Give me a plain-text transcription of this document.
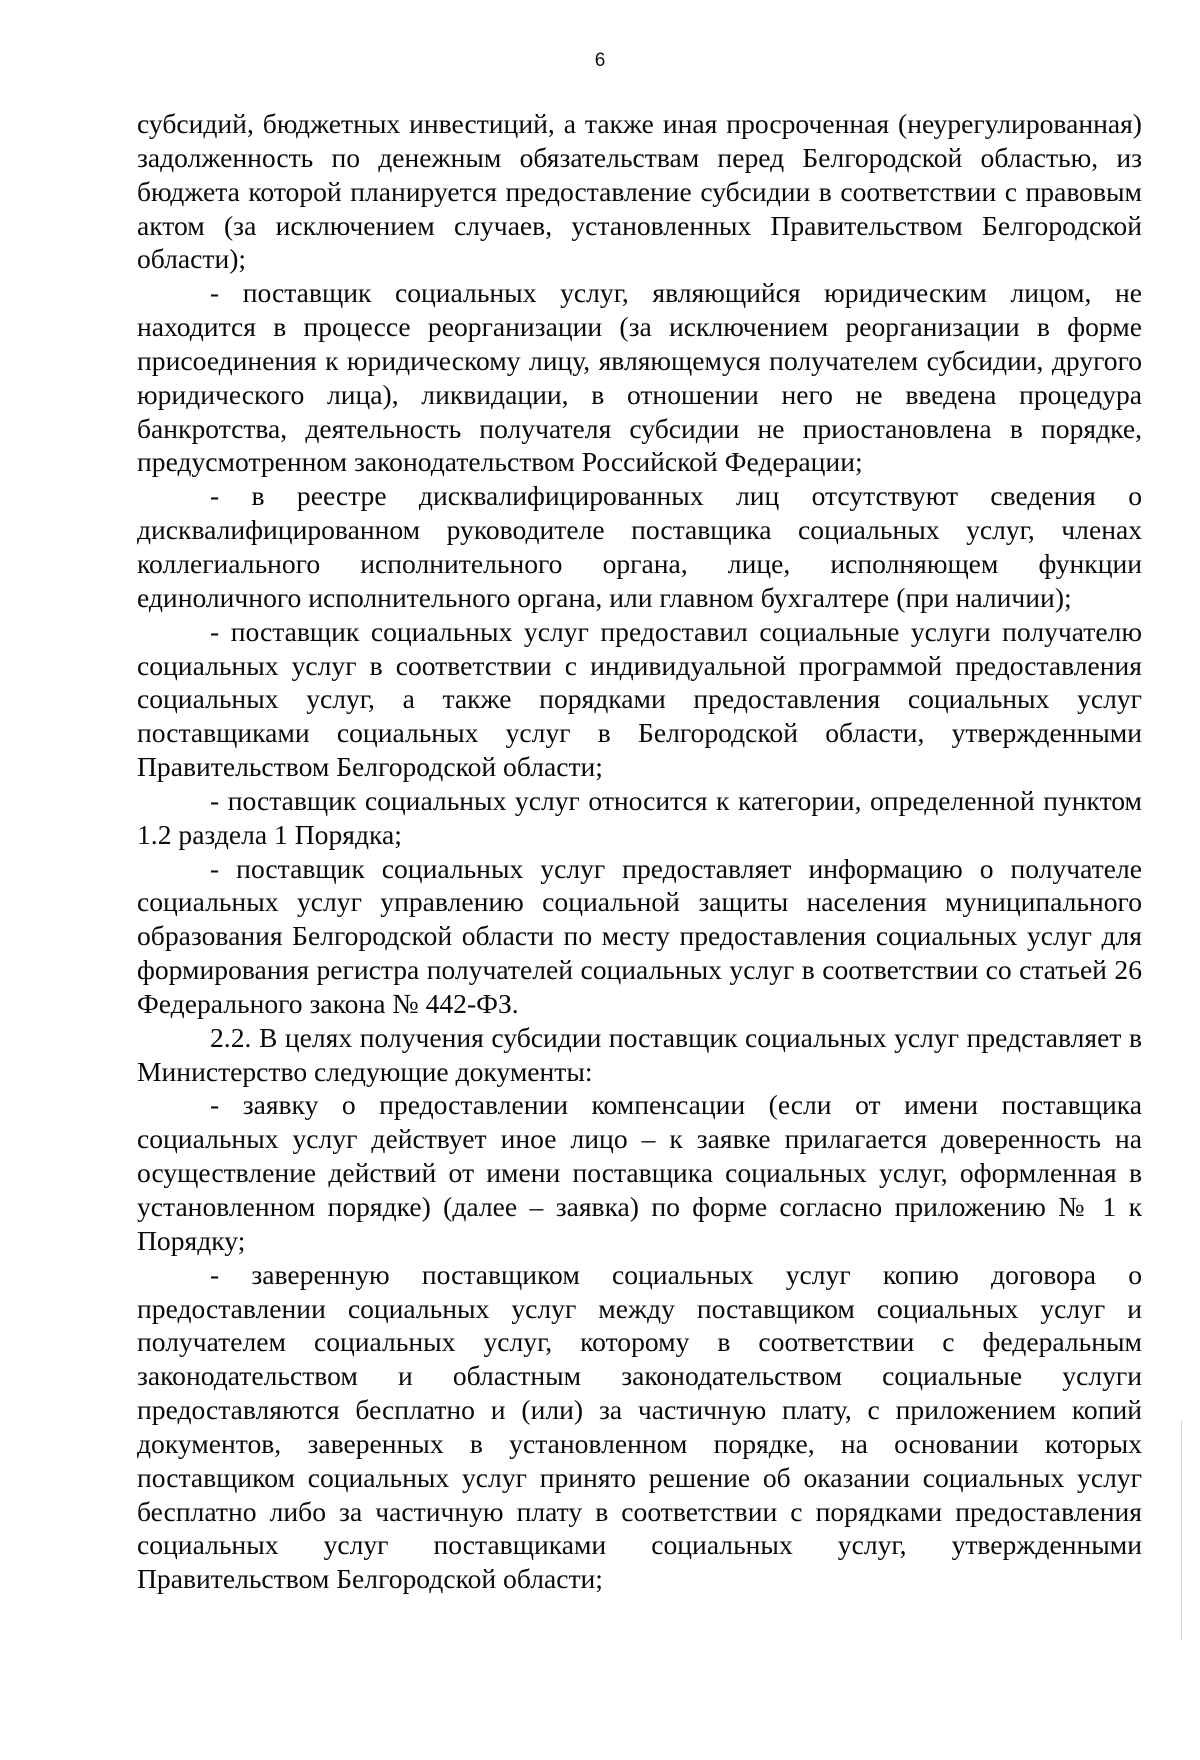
6

субсидий, бюджетных инвестиций, а также иная просроченная (неурегулированная) задолженность по денежным обязательствам перед Белгородской областью, из бюджета которой планируется предоставление субсидии в соответствии с правовым актом (за исключением случаев, установленных Правительством Белгородской области);

- поставщик социальных услуг, являющийся юридическим лицом, не находится в процессе реорганизации (за исключением реорганизации в форме присоединения к юридическому лицу, являющемуся получателем субсидии, другого юридического лица), ликвидации, в отношении него не введена процедура банкротства, деятельность получателя субсидии не приостановлена в порядке, предусмотренном законодательством Российской Федерации;

- в реестре дисквалифицированных лиц отсутствуют сведения о дисквалифицированном руководителе поставщика социальных услуг, членах коллегиального исполнительного органа, лице, исполняющем функции единоличного исполнительного органа, или главном бухгалтере (при наличии);

- поставщик социальных услуг предоставил социальные услуги получателю социальных услуг в соответствии с индивидуальной программой предоставления социальных услуг, а также порядками предоставления социальных услуг поставщиками социальных услуг в Белгородской области, утвержденными Правительством Белгородской области;

- поставщик социальных услуг относится к категории, определенной пунктом 1.2 раздела 1 Порядка;

- поставщик социальных услуг предоставляет информацию о получателе социальных услуг управлению социальной защиты населения муниципального образования Белгородской области по месту предоставления социальных услуг для формирования регистра получателей социальных услуг в соответствии со статьей 26 Федерального закона № 442-ФЗ.

2.2. В целях получения субсидии поставщик социальных услуг представляет в Министерство следующие документы:

- заявку о предоставлении компенсации (если от имени поставщика социальных услуг действует иное лицо – к заявке прилагается доверенность на осуществление действий от имени поставщика социальных услуг, оформленная в установленном порядке) (далее – заявка) по форме согласно приложению № 1 к Порядку;

- заверенную поставщиком социальных услуг копию договора о предоставлении социальных услуг между поставщиком социальных услуг и получателем социальных услуг, которому в соответствии с федеральным законодательством и областным законодательством социальные услуги предоставляются бесплатно и (или) за частичную плату, с приложением копий документов, заверенных в установленном порядке, на основании которых поставщиком социальных услуг принято решение об оказании социальных услуг бесплатно либо за частичную плату в соответствии с порядками предоставления социальных услуг поставщиками социальных услуг, утвержденными Правительством Белгородской области;
